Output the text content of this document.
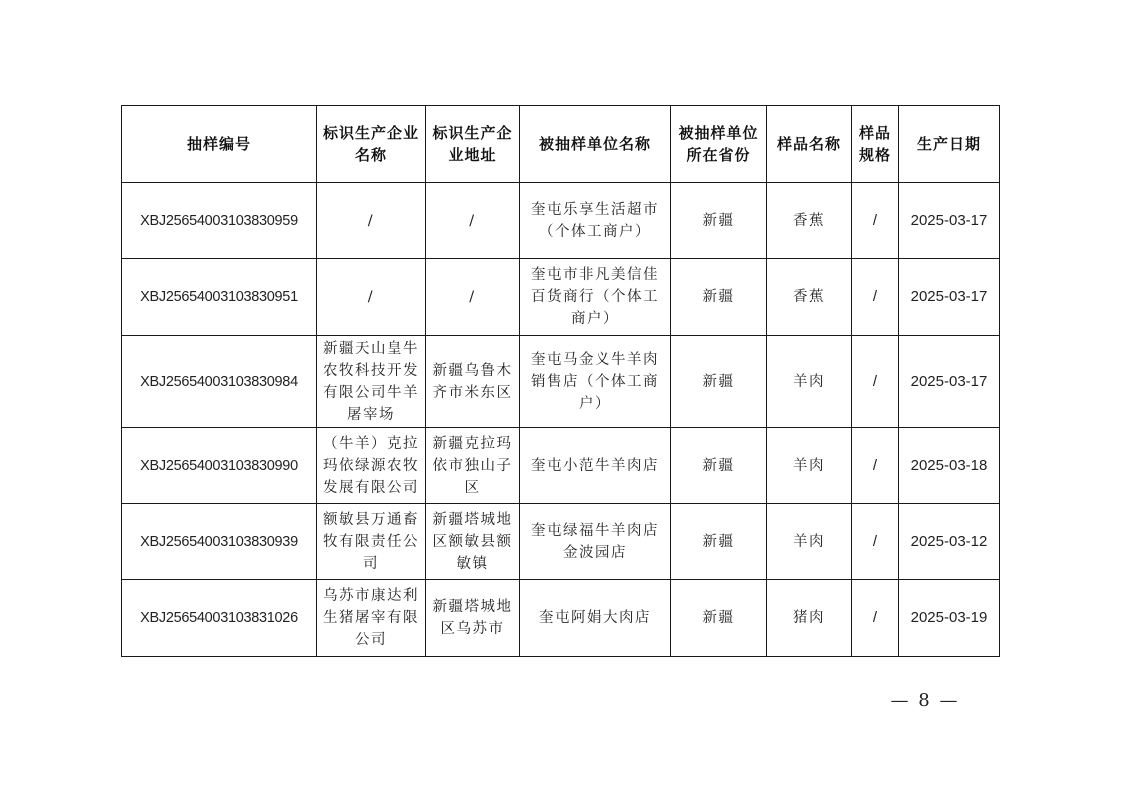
抽样编号	标识生产企业名称	标识生产企业地址	被抽样单位名称	被抽样单位所在省份	样品名称	样品规格	生产日期
XBJ25654003103830959	/	/	奎屯乐享生活超市（个体工商户）	新疆	香蕉	/	2025-03-17
XBJ25654003103830951	/	/	奎屯市非凡美信佳百货商行（个体工商户）	新疆	香蕉	/	2025-03-17
XBJ25654003103830984	新疆天山皇牛农牧科技开发有限公司牛羊屠宰场	新疆乌鲁木齐市米东区	奎屯马金义牛羊肉销售店（个体工商户）	新疆	羊肉	/	2025-03-17
XBJ25654003103830990	（牛羊）克拉玛依绿源农牧发展有限公司	新疆克拉玛依市独山子区	奎屯小范牛羊肉店	新疆	羊肉	/	2025-03-18
XBJ25654003103830939	额敏县万通畜牧有限责任公司	新疆塔城地区额敏县额敏镇	奎屯绿福牛羊肉店金波园店	新疆	羊肉	/	2025-03-12
XBJ25654003103831026	乌苏市康达利生猪屠宰有限公司	新疆塔城地区乌苏市	奎屯阿娟大肉店	新疆	猪肉	/	2025-03-19
— 8 —
